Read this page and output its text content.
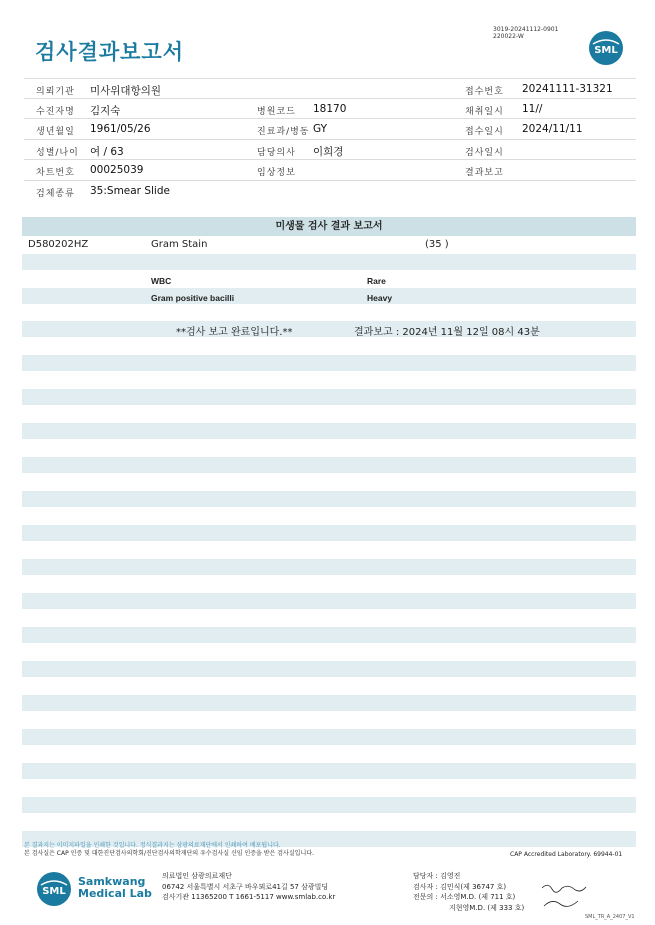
3019-20241112-0901
220022-W
검사결과보고서	SML
의뢰기관 미사위대항의원	접수번호 20241111-31321
수진자명 김지숙	병원코드 18170	채취일시 11//
생년월일 1961/05/26	진료과/병동 GY	접수일시 2024/11/11
성별/나이 여 / 63	담당의사 이희경	검사일시
차트번호 00025039	임상정보	결과보고
검체종류 35:Smear Slide
미생물 검사 결과 보고서
D580202HZ	Gram Stain	(35 )
WBC	Rare
Gram positive bacilli	Heavy
**검사 보고 완료입니다.**	결과보고 : 2024년 11월 12일 08시 43분
본 결과지는 이미지파일을 인쇄한 것입니다. 정식결과지는 삼광의료재단에서 인쇄하여 배포됩니다.
본 검사실은 CAP 인증 및 대한진단검사의학회/진단검사의학재단의 우수검사실 신임 인증을 받은 검사실입니다.	CAP Accredited Laboratory. 69944-01
SML
Samkwang
Medical Lab
의료법인 삼광의료재단
06742 서울특별시 서초구 바우뫼로41길 57 삼광빌딩
검사기관 11365200 T 1661-5117 www.smlab.co.kr
담당자 : 김영진
검사자 : 김민식(제 36747 호)
전문의 : 서소영M.D. (제 711 호)
지현영M.D. (제 333 호)
SML_TR_A_2407_V1
